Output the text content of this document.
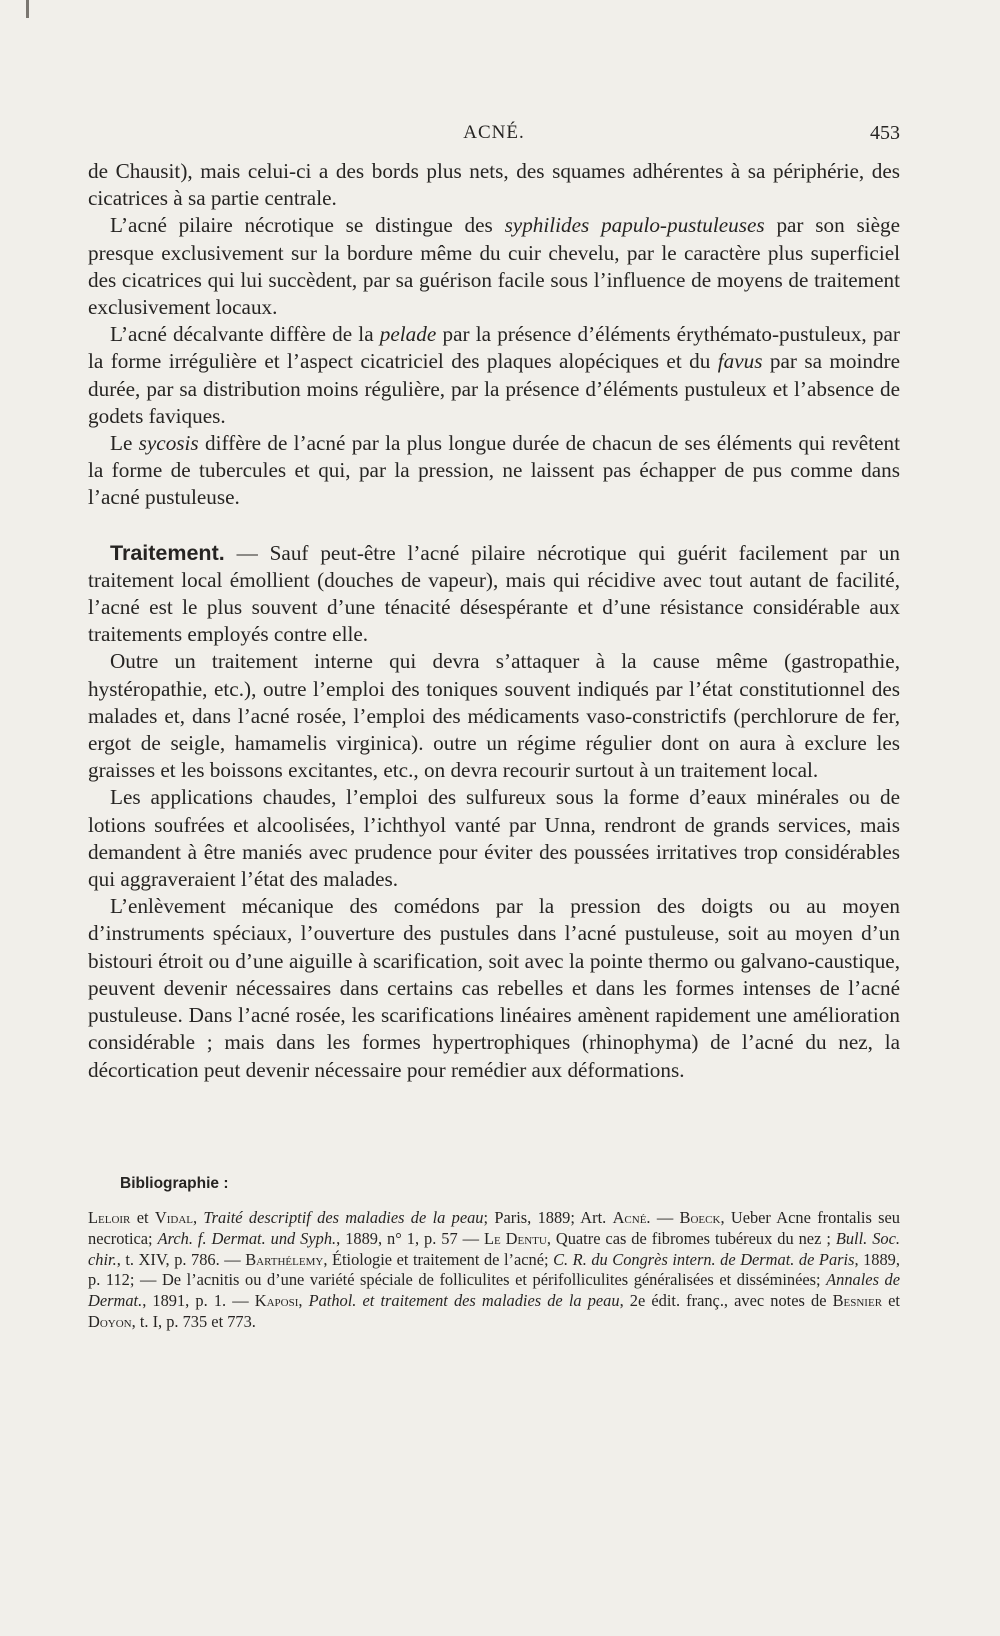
ACNÉ.	453

de Chausit), mais celui-ci a des bords plus nets, des squames adhérentes à sa périphérie, des cicatrices à sa partie centrale.

L’acné pilaire nécrotique se distingue des syphilides papulo-pustuleuses par son siège presque exclusivement sur la bordure même du cuir chevelu, par le caractère plus superficiel des cicatrices qui lui succèdent, par sa guérison facile sous l’influence de moyens de traitement exclusivement locaux.

L’acné décalvante diffère de la pelade par la présence d’éléments érythémato-pustuleux, par la forme irrégulière et l’aspect cicatriciel des plaques alopéciques et du favus par sa moindre durée, par sa distribution moins régulière, par la présence d’éléments pustuleux et l’absence de godets faviques.

Le sycosis diffère de l’acné par la plus longue durée de chacun de ses éléments qui revêtent la forme de tubercules et qui, par la pression, ne laissent pas échapper de pus comme dans l’acné pustuleuse.

Traitement. — Sauf peut-être l’acné pilaire nécrotique qui guérit facilement par un traitement local émollient (douches de vapeur), mais qui récidive avec tout autant de facilité, l’acné est le plus souvent d’une ténacité désespérante et d’une résistance considérable aux traitements employés contre elle.

Outre un traitement interne qui devra s’attaquer à la cause même (gastropathie, hystéropathie, etc.), outre l’emploi des toniques souvent indiqués par l’état constitutionnel des malades et, dans l’acné rosée, l’emploi des médicaments vaso-constrictifs (perchlorure de fer, ergot de seigle, hamamelis virginica). outre un régime régulier dont on aura à exclure les graisses et les boissons excitantes, etc., on devra recourir surtout à un traitement local.

Les applications chaudes, l’emploi des sulfureux sous la forme d’eaux minérales ou de lotions soufrées et alcoolisées, l’ichthyol vanté par Unna, rendront de grands services, mais demandent à être maniés avec prudence pour éviter des poussées irritatives trop considérables qui aggraveraient l’état des malades.

L’enlèvement mécanique des comédons par la pression des doigts ou au moyen d’instruments spéciaux, l’ouverture des pustules dans l’acné pustuleuse, soit au moyen d’un bistouri étroit ou d’une aiguille à scarification, soit avec la pointe thermo ou galvano-caustique, peuvent devenir nécessaires dans certains cas rebelles et dans les formes intenses de l’acné pustuleuse. Dans l’acné rosée, les scarifications linéaires amènent rapidement une amélioration considérable ; mais dans les formes hypertrophiques (rhinophyma) de l’acné du nez, la décortication peut devenir nécessaire pour remédier aux déformations.

Bibliographie :
Leloir et Vidal, Traité descriptif des maladies de la peau; Paris, 1889; Art. Acné. — Boeck, Ueber Acne frontalis seu necrotica; Arch. f. Dermat. und Syph., 1889, n° 1, p. 57 — Le Dentu, Quatre cas de fibromes tubéreux du nez ; Bull. Soc. chir., t. XIV, p. 786. — Barthélemy, Étiologie et traitement de l’acné; C. R. du Congrès intern. de Dermat. de Paris, 1889, p. 112; — De l’acnitis ou d’une variété spéciale de folliculites et périfolliculites généralisées et disséminées; Annales de Dermat., 1891, p. 1. — Kaposi, Pathol. et traitement des maladies de la peau, 2e édit. franç., avec notes de Besnier et Doyon, t. I, p. 735 et 773.
